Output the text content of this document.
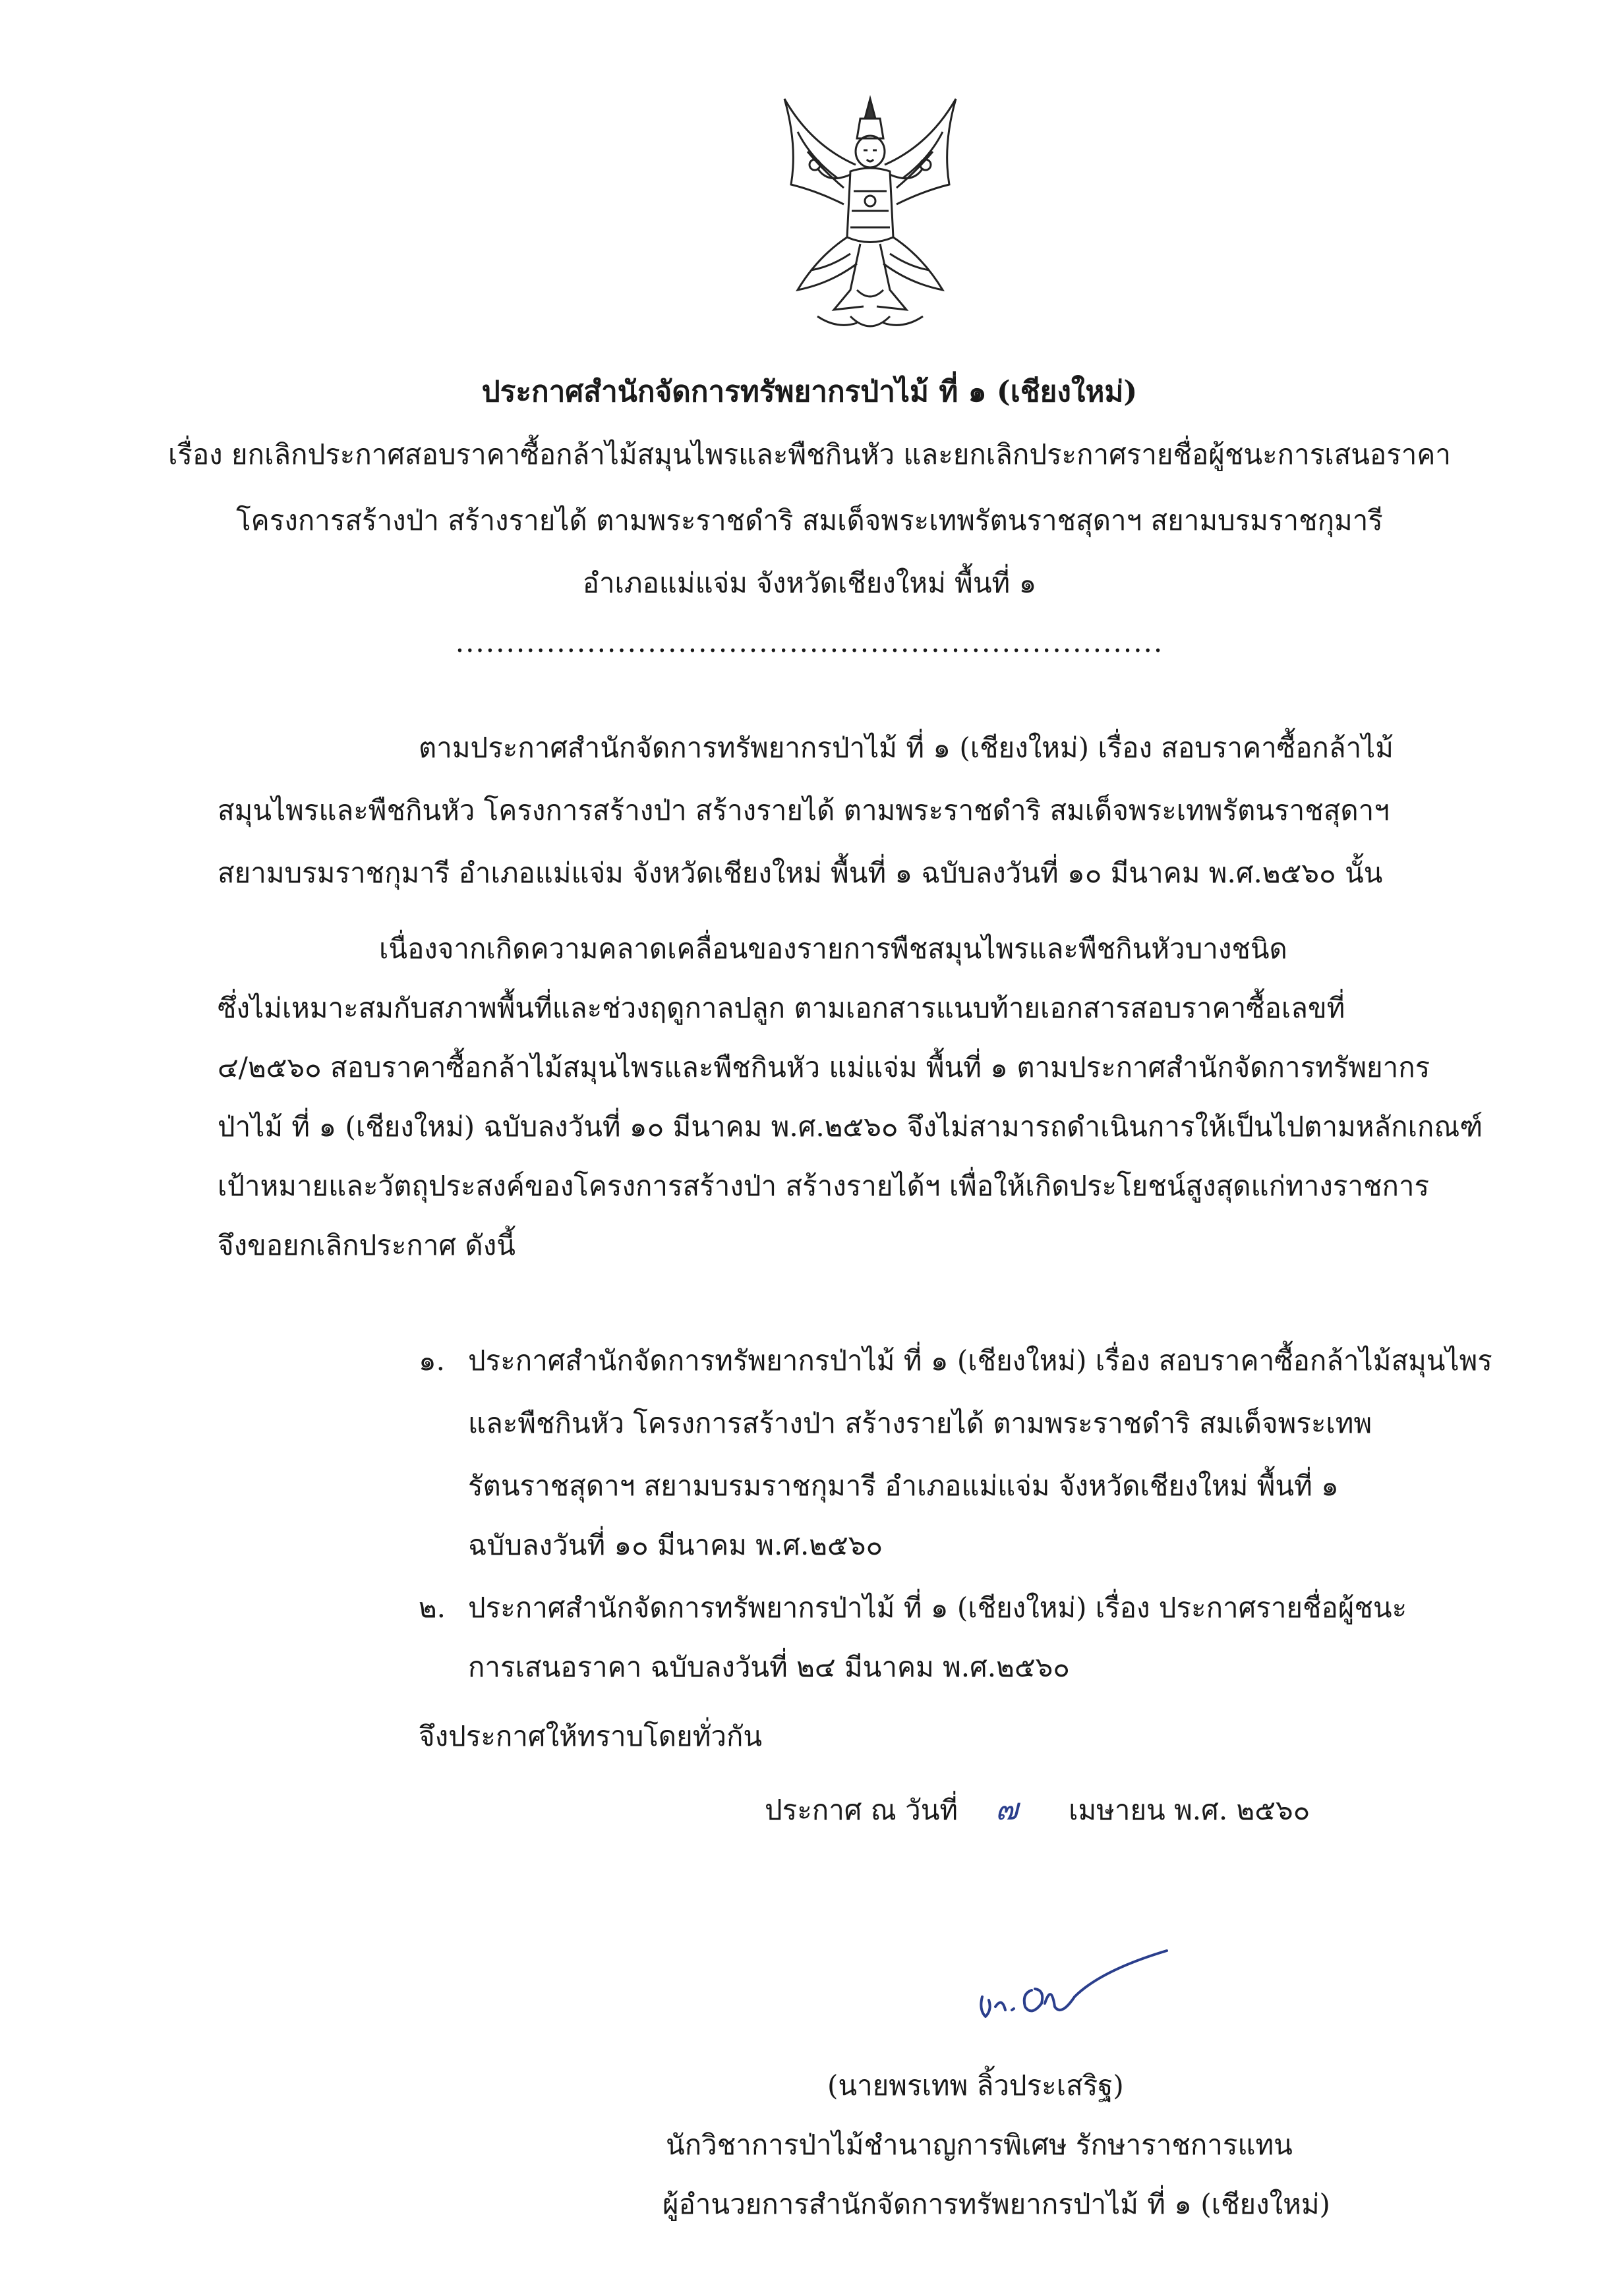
ประกาศสำนักจัดการทรัพยากรป่าไม้ ที่ ๑ (เชียงใหม่)
เรื่อง ยกเลิกประกาศสอบราคาซื้อกล้าไม้สมุนไพรและพืชกินหัว และยกเลิกประกาศรายชื่อผู้ชนะการเสนอราคา
โครงการสร้างป่า สร้างรายได้ ตามพระราชดำริ สมเด็จพระเทพรัตนราชสุดาฯ สยามบรมราชกุมารี
อำเภอแม่แจ่ม จังหวัดเชียงใหม่ พื้นที่ ๑
......................................................................
ตามประกาศสำนักจัดการทรัพยากรป่าไม้ ที่ ๑ (เชียงใหม่) เรื่อง สอบราคาซื้อกล้าไม้
สมุนไพรและพืชกินหัว โครงการสร้างป่า สร้างรายได้ ตามพระราชดำริ สมเด็จพระเทพรัตนราชสุดาฯ
สยามบรมราชกุมารี อำเภอแม่แจ่ม จังหวัดเชียงใหม่ พื้นที่ ๑ ฉบับลงวันที่ ๑๐ มีนาคม พ.ศ.๒๕๖๐ นั้น
เนื่องจากเกิดความคลาดเคลื่อนของรายการพืชสมุนไพรและพืชกินหัวบางชนิด
ซึ่งไม่เหมาะสมกับสภาพพื้นที่และช่วงฤดูกาลปลูก ตามเอกสารแนบท้ายเอกสารสอบราคาซื้อเลขที่
๔/๒๕๖๐ สอบราคาซื้อกล้าไม้สมุนไพรและพืชกินหัว แม่แจ่ม พื้นที่ ๑ ตามประกาศสำนักจัดการทรัพยากร
ป่าไม้ ที่ ๑ (เชียงใหม่) ฉบับลงวันที่ ๑๐ มีนาคม พ.ศ.๒๕๖๐ จึงไม่สามารถดำเนินการให้เป็นไปตามหลักเกณฑ์
เป้าหมายและวัตถุประสงค์ของโครงการสร้างป่า สร้างรายได้ฯ เพื่อให้เกิดประโยชน์สูงสุดแก่ทางราชการ
จึงขอยกเลิกประกาศ ดังนี้
๑. ประกาศสำนักจัดการทรัพยากรป่าไม้ ที่ ๑ (เชียงใหม่) เรื่อง สอบราคาซื้อกล้าไม้สมุนไพร
และพืชกินหัว โครงการสร้างป่า สร้างรายได้ ตามพระราชดำริ สมเด็จพระเทพ
รัตนราชสุดาฯ สยามบรมราชกุมารี อำเภอแม่แจ่ม จังหวัดเชียงใหม่ พื้นที่ ๑
ฉบับลงวันที่ ๑๐ มีนาคม พ.ศ.๒๕๖๐
๒. ประกาศสำนักจัดการทรัพยากรป่าไม้ ที่ ๑ (เชียงใหม่) เรื่อง ประกาศรายชื่อผู้ชนะ
การเสนอราคา ฉบับลงวันที่ ๒๔ มีนาคม พ.ศ.๒๕๖๐
จึงประกาศให้ทราบโดยทั่วกัน
ประกาศ ณ วันที่ ๗ เมษายน พ.ศ. ๒๕๖๐
(นายพรเทพ ลิ้วประเสริฐ)
นักวิชาการป่าไม้ชำนาญการพิเศษ รักษาราชการแทน
ผู้อำนวยการสำนักจัดการทรัพยากรป่าไม้ ที่ ๑ (เชียงใหม่)
